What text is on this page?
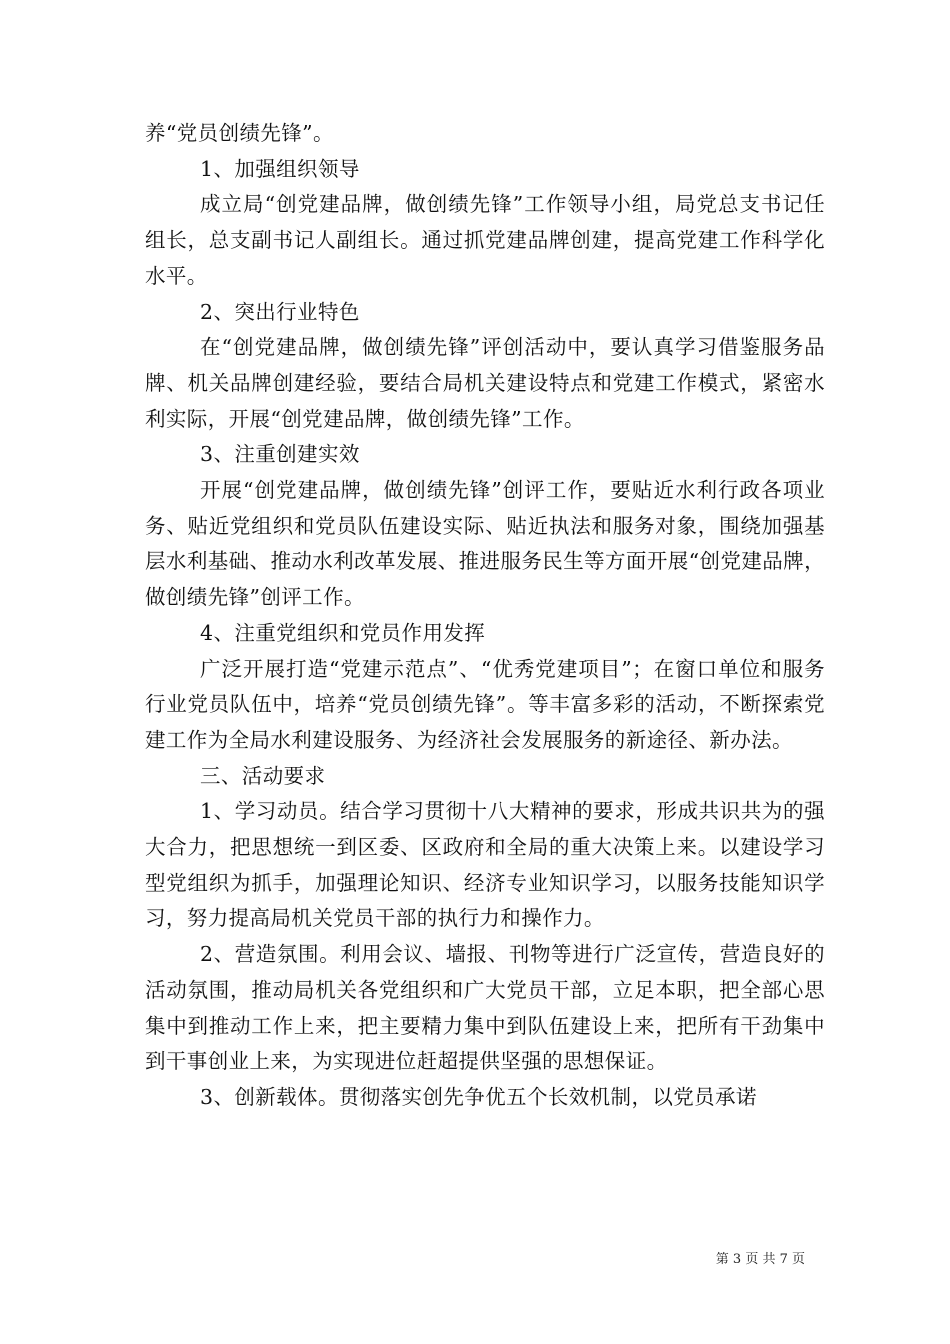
养“党员创绩先锋”。

1、加强组织领导

成立局“创党建品牌，做创绩先锋”工作领导小组，局党总支书记任组长，总支副书记人副组长。通过抓党建品牌创建，提高党建工作科学化水平。

2、突出行业特色

在“创党建品牌，做创绩先锋”评创活动中，要认真学习借鉴服务品牌、机关品牌创建经验，要结合局机关建设特点和党建工作模式，紧密水利实际，开展“创党建品牌，做创绩先锋”工作。

3、注重创建实效

开展“创党建品牌，做创绩先锋”创评工作，要贴近水利行政各项业务、贴近党组织和党员队伍建设实际、贴近执法和服务对象，围绕加强基层水利基础、推动水利改革发展、推进服务民生等方面开展“创党建品牌，做创绩先锋”创评工作。

4、注重党组织和党员作用发挥

广泛开展打造“党建示范点”、“优秀党建项目”；在窗口单位和服务行业党员队伍中，培养“党员创绩先锋”。等丰富多彩的活动，不断探索党建工作为全局水利建设服务、为经济社会发展服务的新途径、新办法。

三、活动要求

1、学习动员。结合学习贯彻十八大精神的要求，形成共识共为的强大合力，把思想统一到区委、区政府和全局的重大决策上来。以建设学习型党组织为抓手，加强理论知识、经济专业知识学习，以服务技能知识学习，努力提高局机关党员干部的执行力和操作力。

2、营造氛围。利用会议、墙报、刊物等进行广泛宣传，营造良好的活动氛围，推动局机关各党组织和广大党员干部，立足本职，把全部心思集中到推动工作上来，把主要精力集中到队伍建设上来，把所有干劲集中到干事创业上来，为实现进位赶超提供坚强的思想保证。

3、创新载体。贯彻落实创先争优五个长效机制，以党员承诺

第 3 页 共 7 页
